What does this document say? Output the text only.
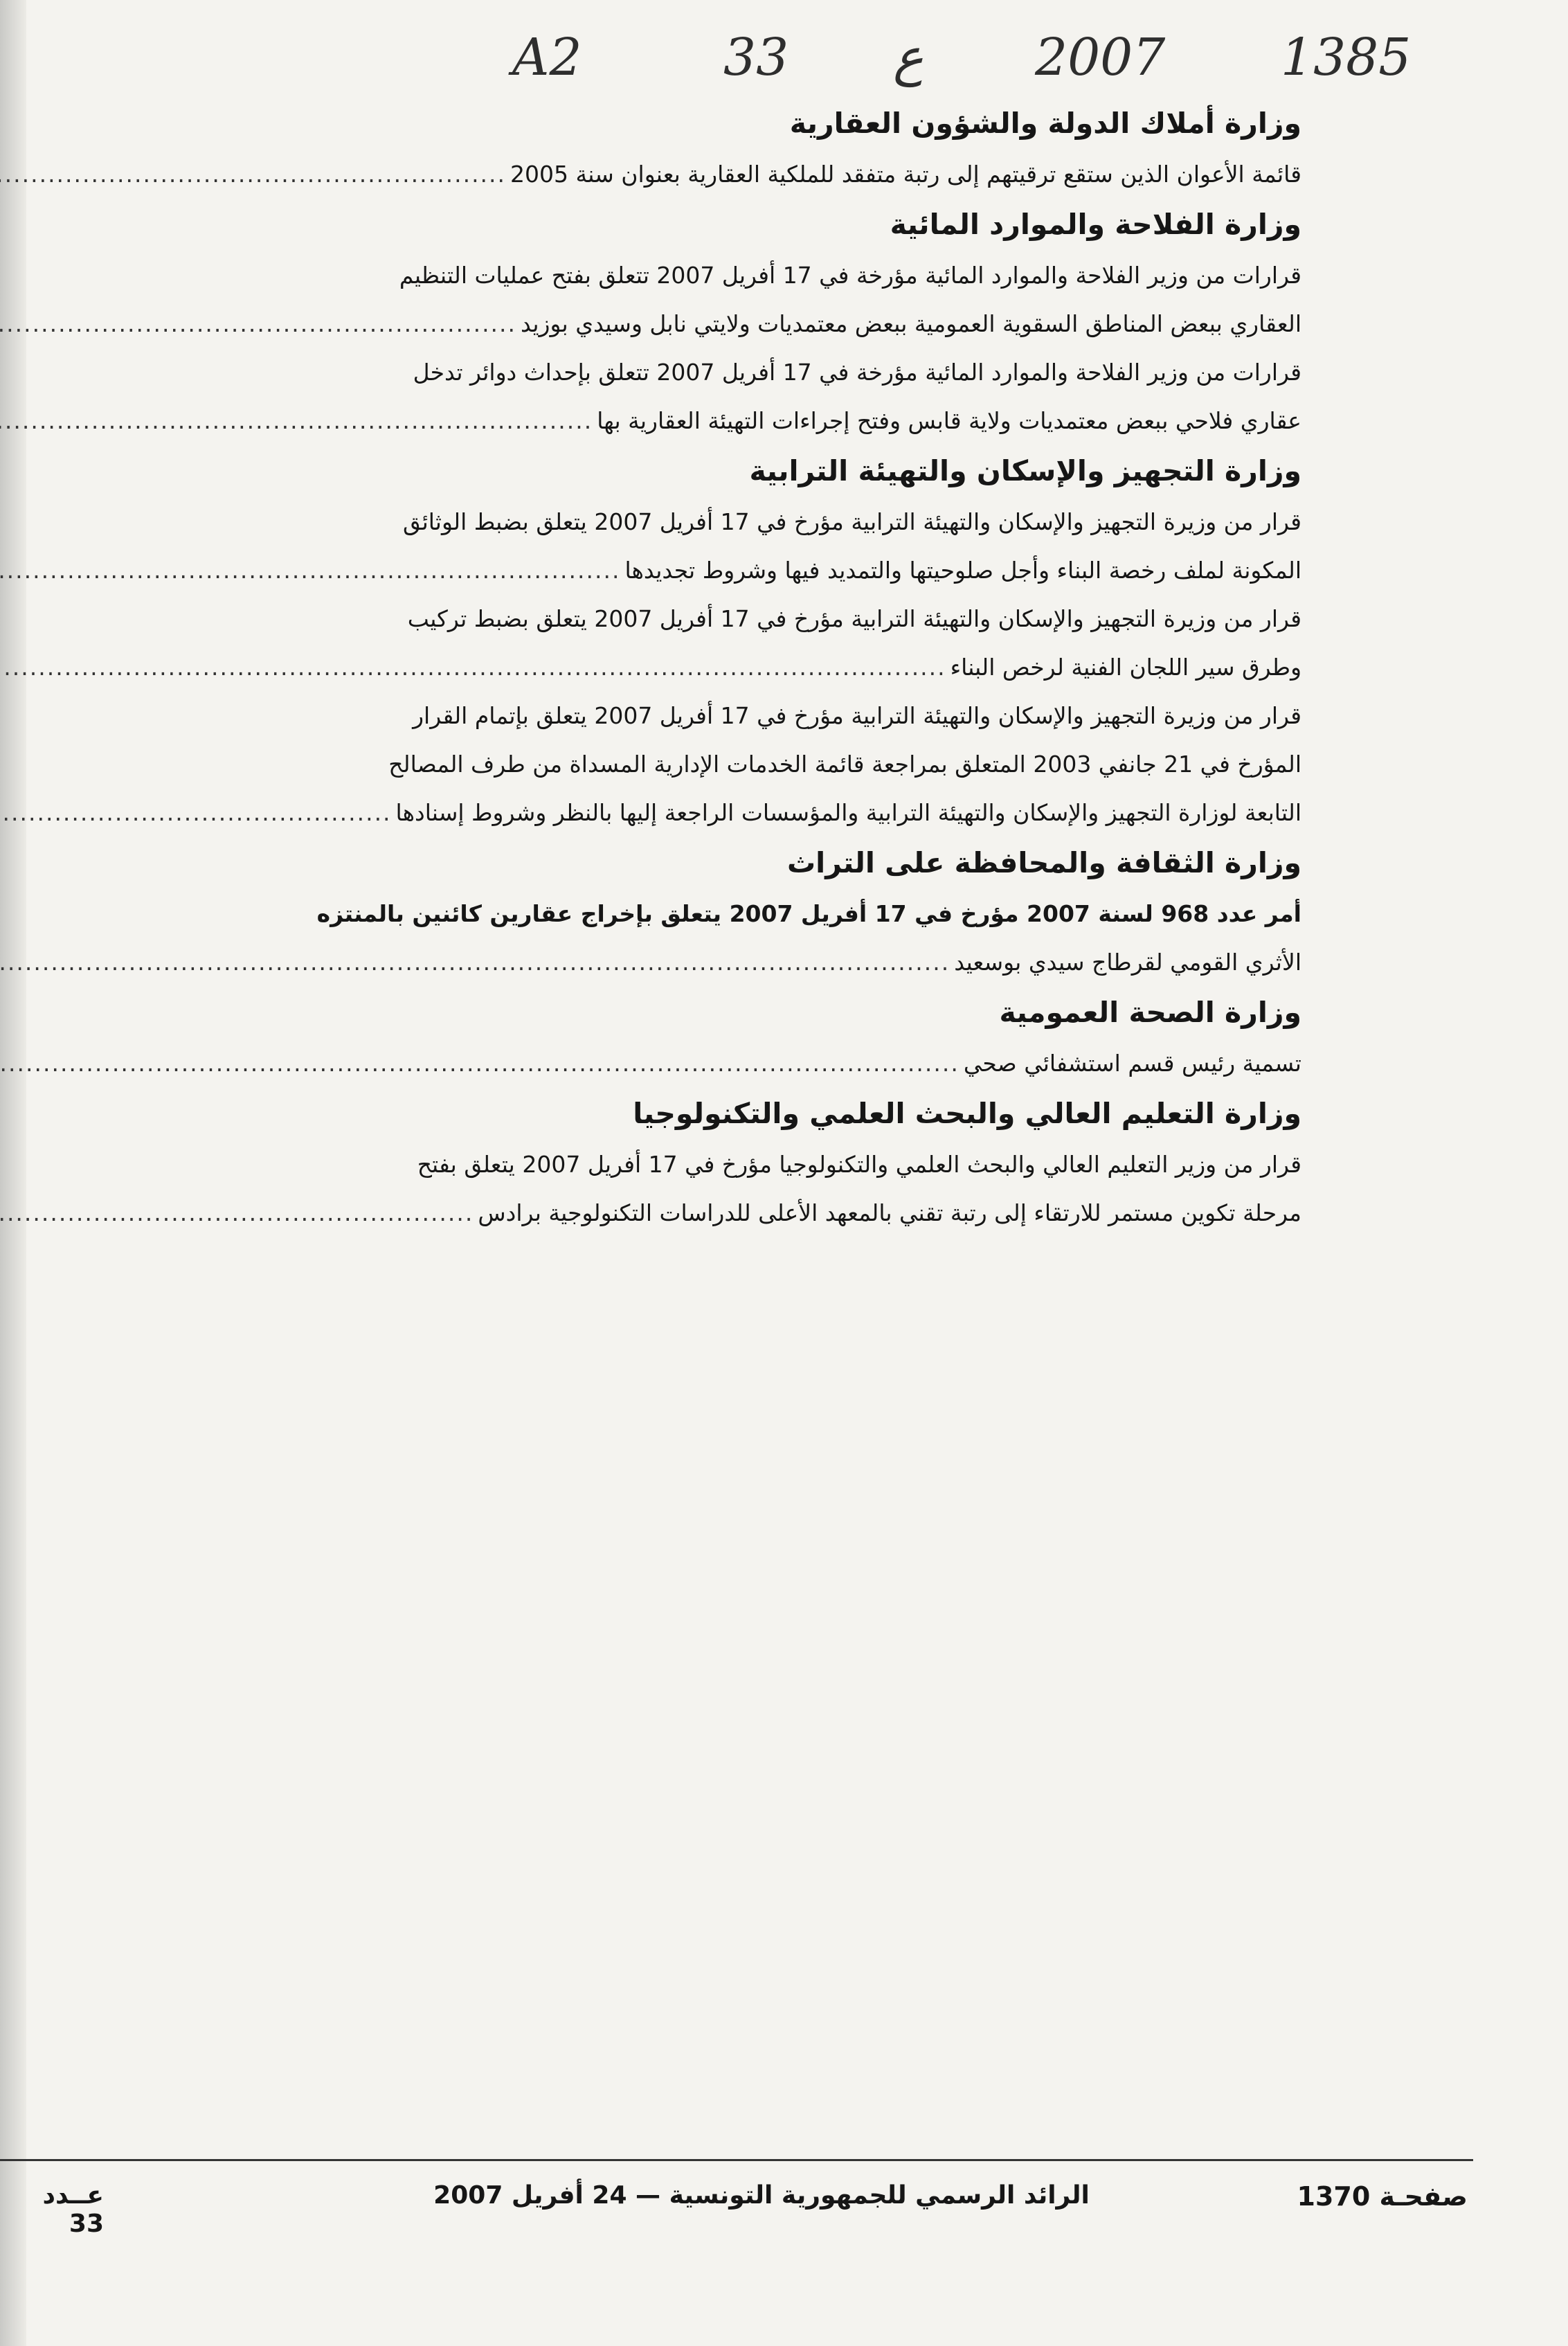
A2	33 ع 2007 1385
وزارة أملاك الدولة والشؤون العقارية
قائمة الأعوان الذين ستقع ترقيتهم إلى رتبة متفقد للملكية العقارية بعنوان سنة 2005
.....
وزارة الفلاحة والموارد المائية
قرارات من وزير الفلاحة والموارد المائية مؤرخة في 17 أفريل 2007 تتعلق بفتح عمليات التنظيم
العقاري ببعض المناطق السقوية العمومية ببعض معتمديات ولايتي نابل وسيدي بوزيد
.....
قرارات من وزير الفلاحة والموارد المائية مؤرخة في 17 أفريل 2007 تتعلق بإحداث دوائر تدخل
عقاري فلاحي ببعض معتمديات ولاية قابس وفتح إجراءات التهيئة العقارية بها
.....
وزارة التجهيز والإسكان والتهيئة الترابية
قرار من وزيرة التجهيز والإسكان والتهيئة الترابية مؤرخ في 17 أفريل 2007 يتعلق بضبط الوثائق
المكونة لملف رخصة البناء وأجل صلوحيتها والتمديد فيها وشروط تجديدها
.....
قرار من وزيرة التجهيز والإسكان والتهيئة الترابية مؤرخ في 17 أفريل 2007 يتعلق بضبط تركيب
وطرق سير اللجان الفنية لرخص البناء
.....
قرار من وزيرة التجهيز والإسكان والتهيئة الترابية مؤرخ في 17 أفريل 2007 يتعلق بإتمام القرار
المؤرخ في 21 جانفي 2003 المتعلق بمراجعة قائمة الخدمات الإدارية المسداة من طرف المصالح
التابعة لوزارة التجهيز والإسكان والتهيئة الترابية والمؤسسات الراجعة إليها بالنظر وشروط إسنادها
.....
وزارة الثقافة والمحافظة على التراث
أمر عدد 968 لسنة 2007 مؤرخ في 17 أفريل 2007 يتعلق بإخراج عقارين كائنين بالمنتزه
الأثري القومي لقرطاج سيدي بوسعيد
.....
وزارة الصحة العمومية
تسمية رئيس قسم استشفائي صحي
.....
وزارة التعليم العالي والبحث العلمي والتكنولوجيا
قرار من وزير التعليم العالي والبحث العلمي والتكنولوجيا مؤرخ في 17 أفريل 2007 يتعلق بفتح
مرحلة تكوين مستمر للارتقاء إلى رتبة تقني بالمعهد الأعلى للدراسات التكنولوجية برادس
.....
عــدد 33
الرائد الرسمي للجمهورية التونسية — 24 أفريل 2007	صفحـة 1370
